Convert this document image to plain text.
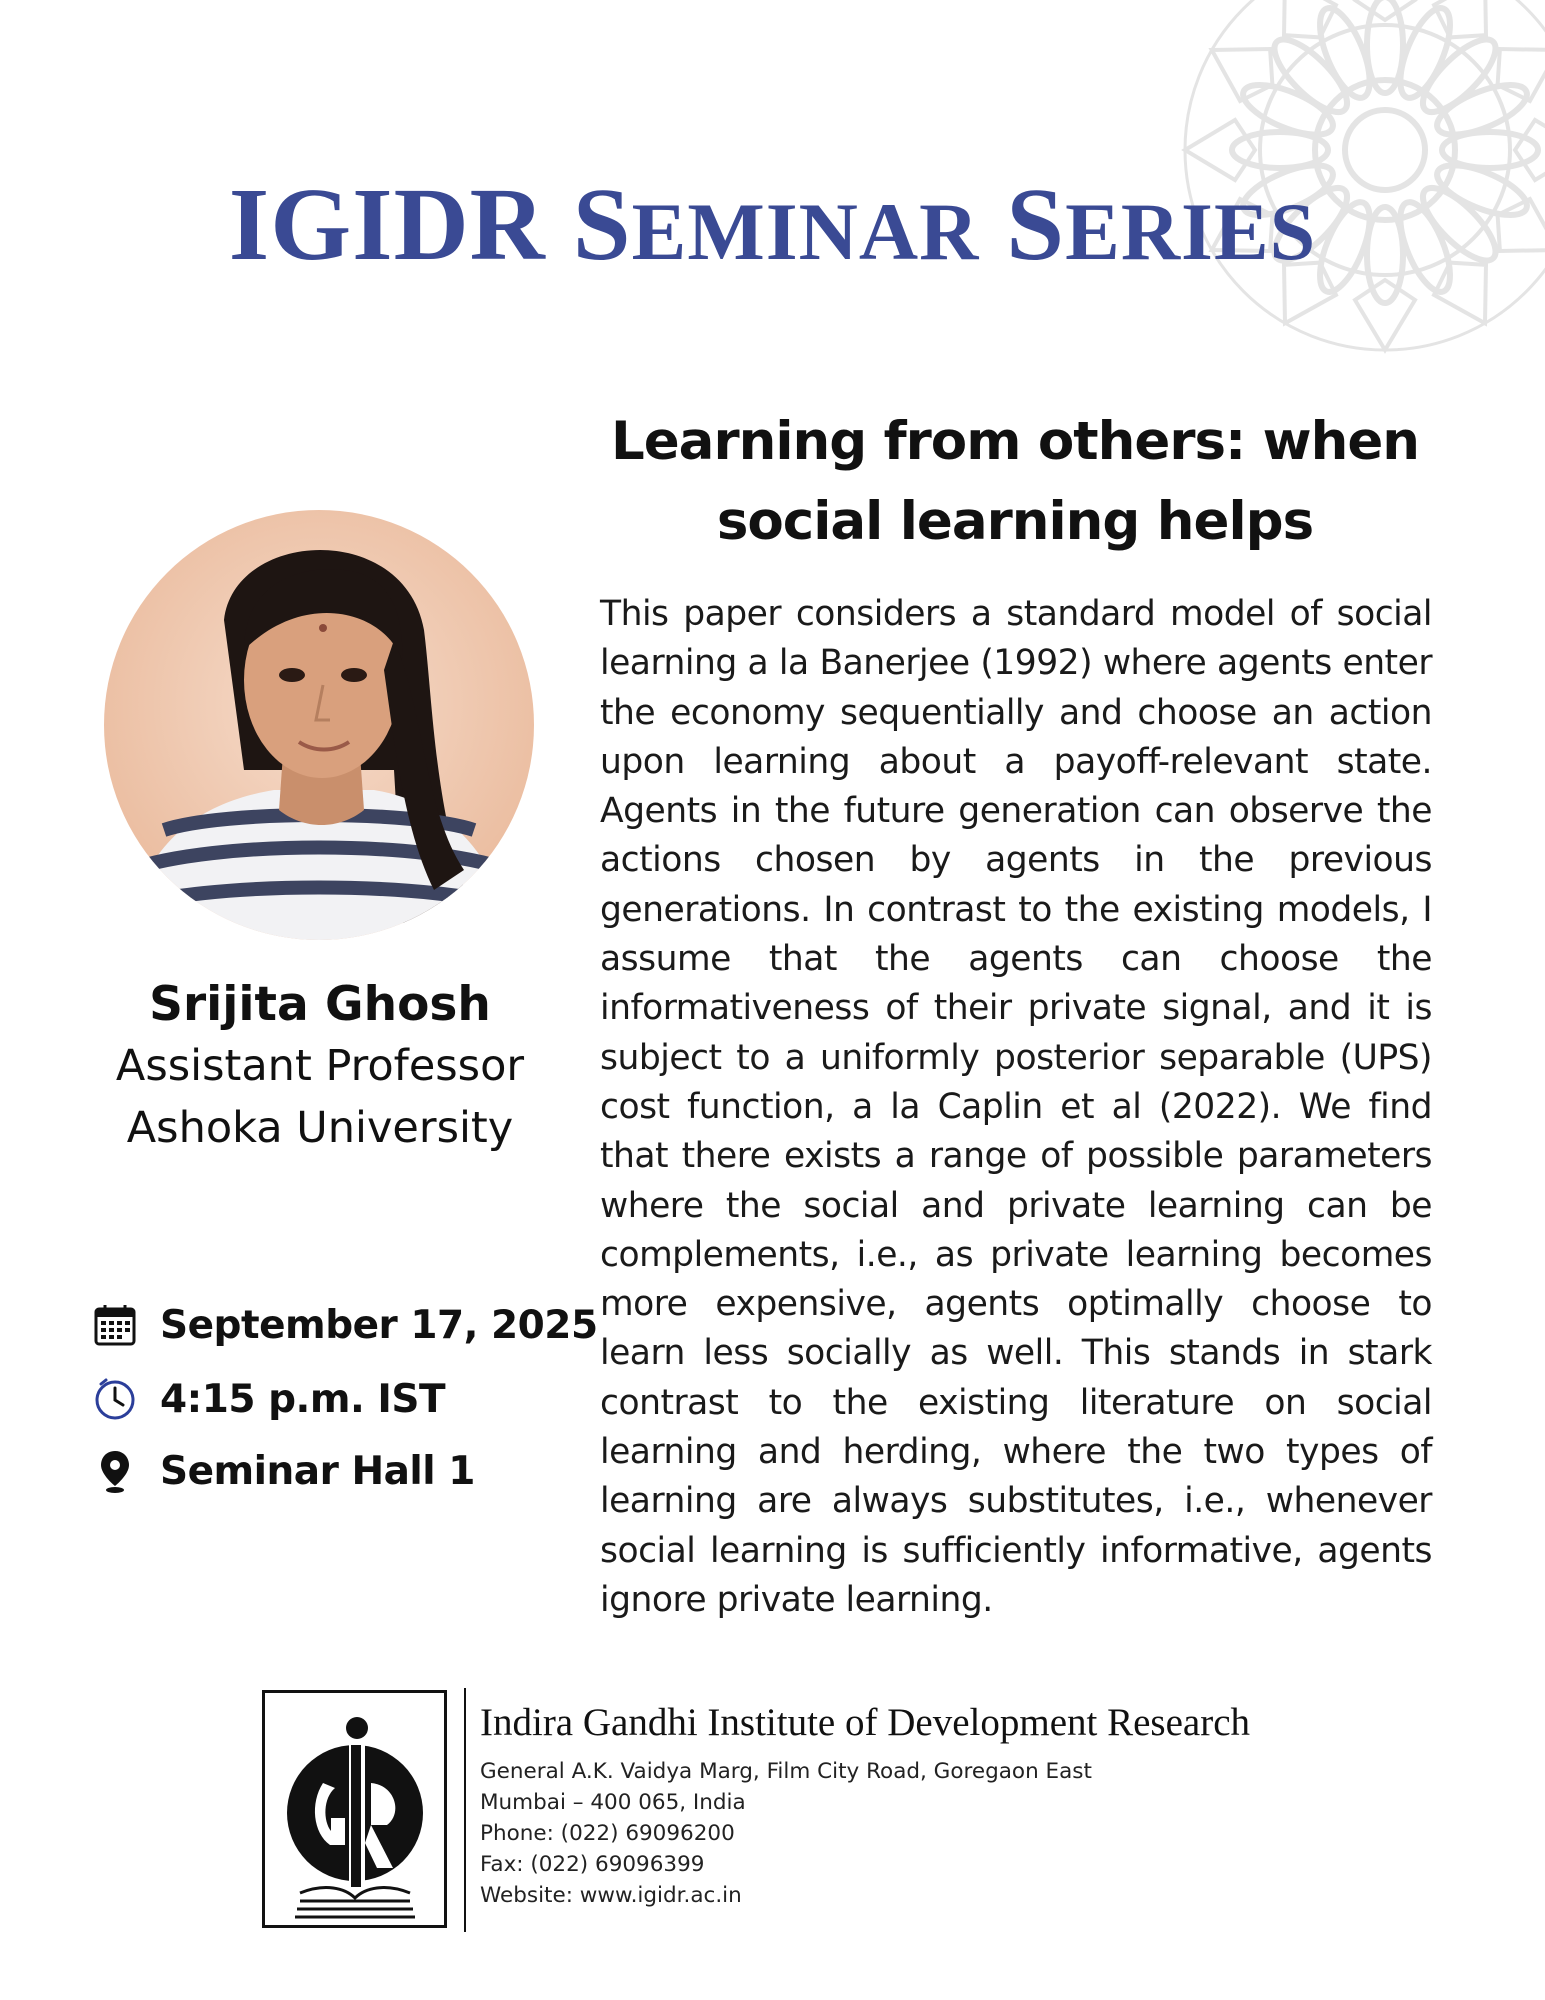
IGIDR SEMINAR SERIES
Learning from others: when
social learning helps

This paper considers a standard model of social learning a la Banerjee (1992) where agents enter the economy sequentially and choose an action upon learning about a payoff-relevant state. Agents in the future generation can observe the actions chosen by agents in the previous generations. In contrast to the existing models, I assume that the agents can choose the informativeness of their private signal, and it is subject to a uniformly posterior separable (UPS) cost function, a la Caplin et al (2022). We find that there exists a range of possible parameters where the social and private learning can be complements, i.e., as private learning becomes more expensive, agents optimally choose to learn less socially as well. This stands in stark contrast to the existing literature on social learning and herding, where the two types of learning are always substitutes, i.e., whenever social learning is sufficiently informative, agents ignore private learning.

Srijita Ghosh
Assistant Professor
Ashoka University
September 17, 2025
4:15 p.m. IST
Seminar Hall 1
Indira Gandhi Institute of Development Research
General A.K. Vaidya Marg, Film City Road, Goregaon East
Mumbai – 400 065, India
Phone: (022) 69096200
Fax: (022) 69096399
Website: www.igidr.ac.in
